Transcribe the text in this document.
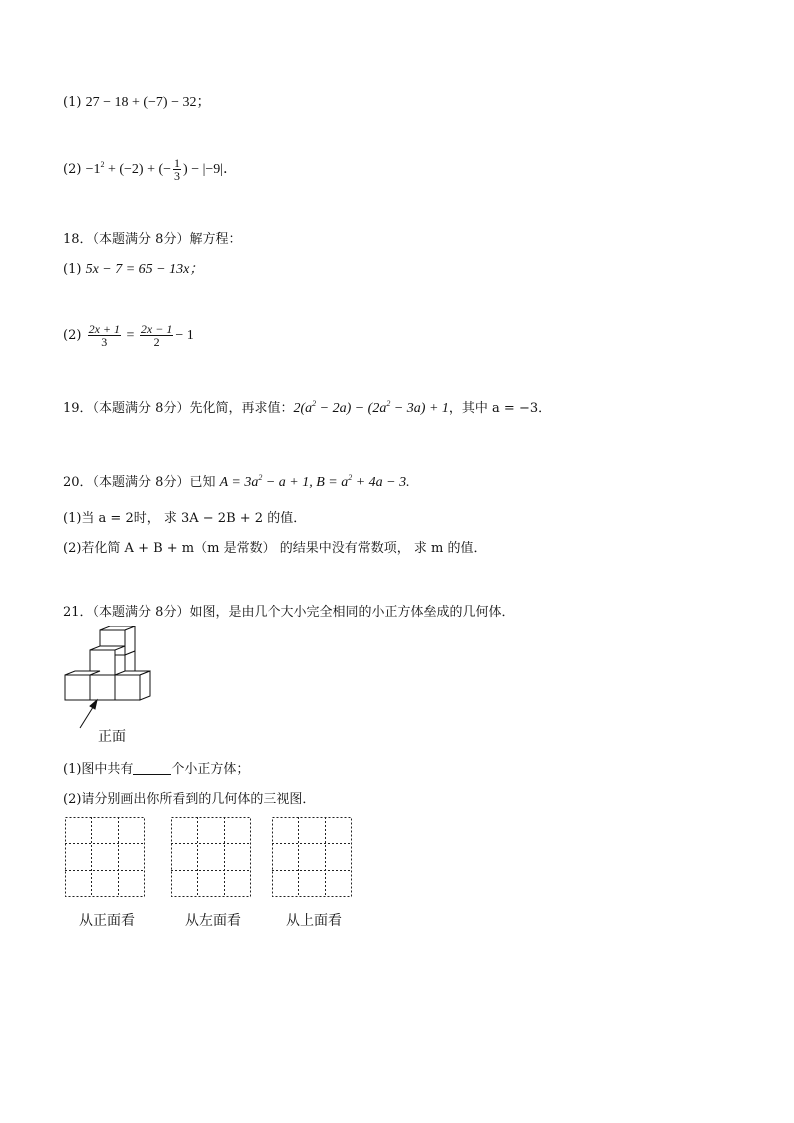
(1) 27 − 18 + (−7) − 32；
$(2) -1^2 + (-2)$ + (− $\frac{1}{3}$ ) − |−9|．
18．（本题满分 8分）解方程：
(1) 5x − 7 = 65 − 13x；
$(2) \frac{2x + 1}{3} = \frac{2x - 1}{2} - 1$
19．（本题满分 8分）先化简，再求值：$2(a^2 - 2a) - (2a^2 - 3a) + 1$，其中 a = −3．
20．（本题满分 8分）已知 $A = 3a^2 - a + 1$, $B = a^2 + 4a - 3$.
(1)当 a = 2时， 求 3A − 2B + 2 的值．
(2)若化简 A + B + m（m 是常数） 的结果中没有常数项， 求 m 的值．
21．（本题满分 8分）如图，是由几个大小完全相同的小正方体垒成的几何体．
正面
(1)图中共有	个小正方体；
(2)请分别画出你所看到的几何体的三视图．
从正面看	从左面看	从上面看
